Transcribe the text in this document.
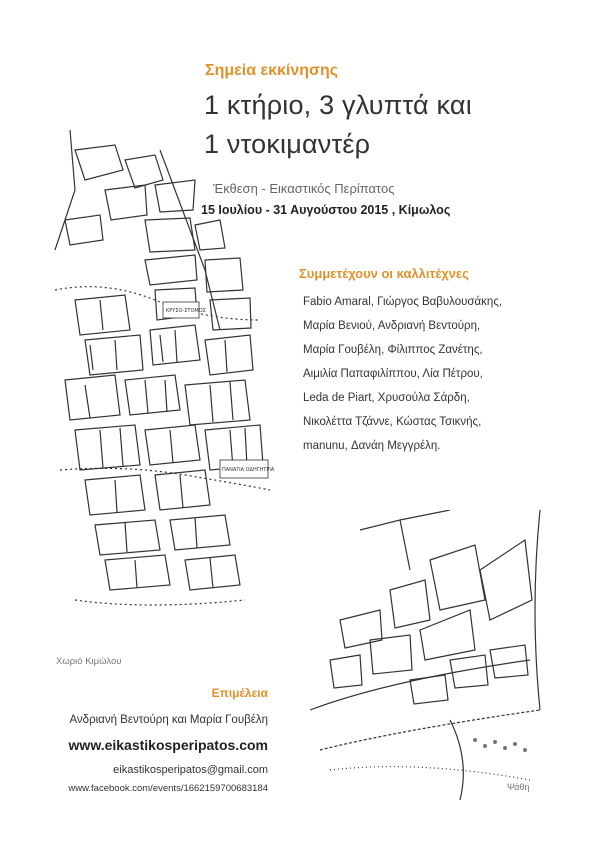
Σημεία εκκίνησης
1 κτήριο, 3 γλυπτά και
1 ντοκιμαντέρ
Έκθεση - Εικαστικός Περίπατος
15 Ιουλίου - 31 Αυγούστου 2015 , Κίμωλος
ΚΡΥΣΟ-ΣΤΟΜΟΣ
ΠΑΝΑΓΙΑ ΟΔΗΓΗΤΡΙΑ
Χωριό Κιμώλου
Συμμετέχουν οι καλλιτέχνες
Fabio Amaral, Γιώργος Βαβυλουσάκης,
Μαρία Βενιού, Ανδριανή Βεντούρη,
Μαρία Γουβέλη, Φίλιππος Ζανέτης,
Αιμιλία Παπαφιλίππου, Λία Πέτρου,
Leda de Piart, Χρυσούλα Σάρδη,
Νικολέττα Τζάννε, Κώστας Τσικνής,
manunu, Δανάη Μεγγρέλη.
Ψάθη
Επιμέλεια
Ανδριανή Βεντούρη και Μαρία Γουβέλη
www.eikastikosperipatos.com
eikastikosperipatos@gmail.com
www.facebook.com/events/1662159700683184
